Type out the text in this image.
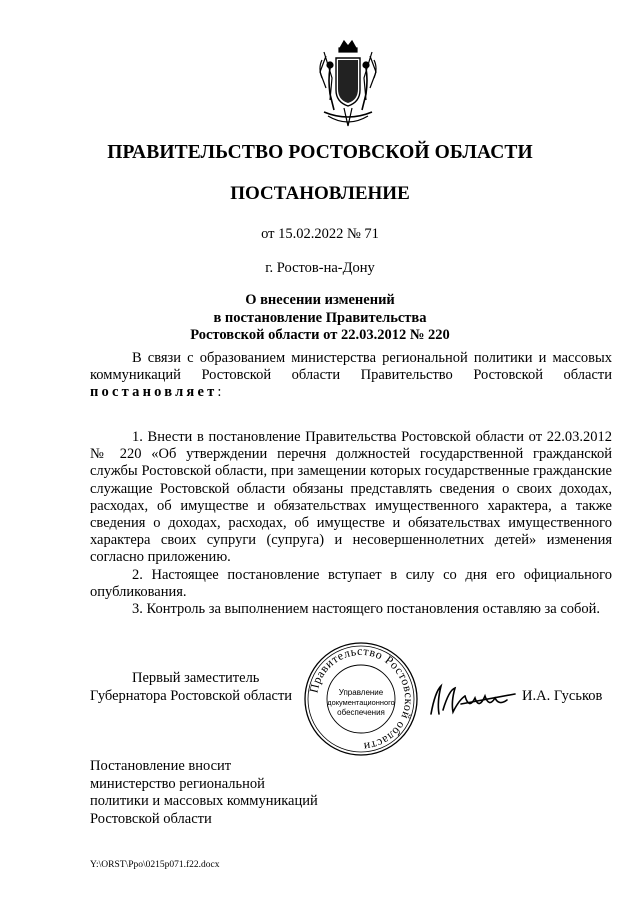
ПРАВИТЕЛЬСТВО РОСТОВСКОЙ ОБЛАСТИ
ПОСТАНОВЛЕНИЕ

от 15.02.2022 № 71

г. Ростов-на-Дону

О внесении изменений
в постановление Правительства
Ростовской области от 22.03.2012 № 220

В связи с образованием министерства региональной политики и массовых коммуникаций Ростовской области Правительство Ростовской области постановляет:

1. Внести в постановление Правительства Ростовской области от 22.03.2012 № 220 «Об утверждении перечня должностей государственной гражданской службы Ростовской области, при замещении которых государственные гражданские служащие Ростовской области обязаны представлять сведения о своих доходах, расходах, об имуществе и обязательствах имущественного характера, а также сведения о доходах, расходах, об имуществе и обязательствах имущественного характера своих супруги (супруга) и несовершеннолетних детей» изменения согласно приложению.

2. Настоящее постановление вступает в силу со дня его официального опубликования.

3. Контроль за выполнением настоящего постановления оставляю за собой.

Первый заместитель
Губернатора Ростовской области Правительство Ростовской области
Управление
документационного
обеспечения
И.А. Гуськов
Постановление вносит
министерство региональной
политики и массовых коммуникаций
Ростовской области
Y:\ORST\Ppo\0215p071.f22.docx
